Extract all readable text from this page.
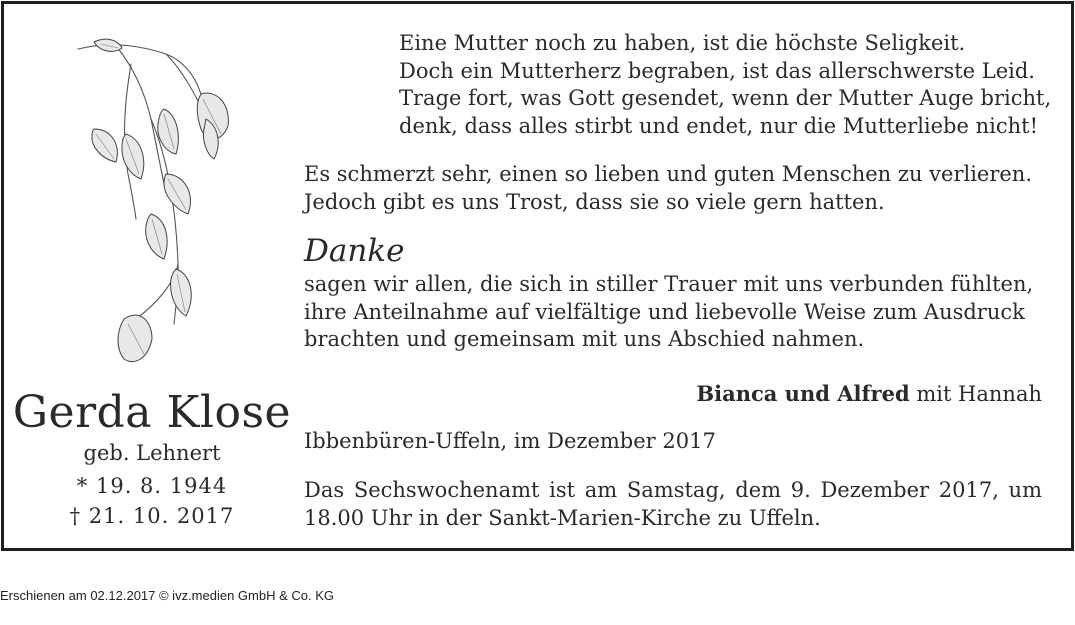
Gerda Klose
geb. Lehnert
* 19. 8. 1944
† 21. 10. 2017
Eine Mutter noch zu haben, ist die höchste Seligkeit.
Doch ein Mutterherz begraben, ist das allerschwerste Leid.
Trage fort, was Gott gesendet, wenn der Mutter Auge bricht,
denk, dass alles stirbt und endet, nur die Mutterliebe nicht!
Es schmerzt sehr, einen so lieben und guten Menschen zu verlieren.
Jedoch gibt es uns Trost, dass sie so viele gern hatten.
Danke
sagen wir allen, die sich in stiller Trauer mit uns verbunden fühlten,
ihre Anteilnahme auf vielfältige und liebevolle Weise zum Ausdruck
brachten und gemeinsam mit uns Abschied nahmen.
Bianca und Alfred mit Hannah
Ibbenbüren-Uffeln, im Dezember 2017
Das Sechswochenamt ist am Samstag, dem 9. Dezember 2017, um
18.00 Uhr in der Sankt-Marien-Kirche zu Uffeln.
Erschienen am 02.12.2017 © ivz.medien GmbH & Co. KG
